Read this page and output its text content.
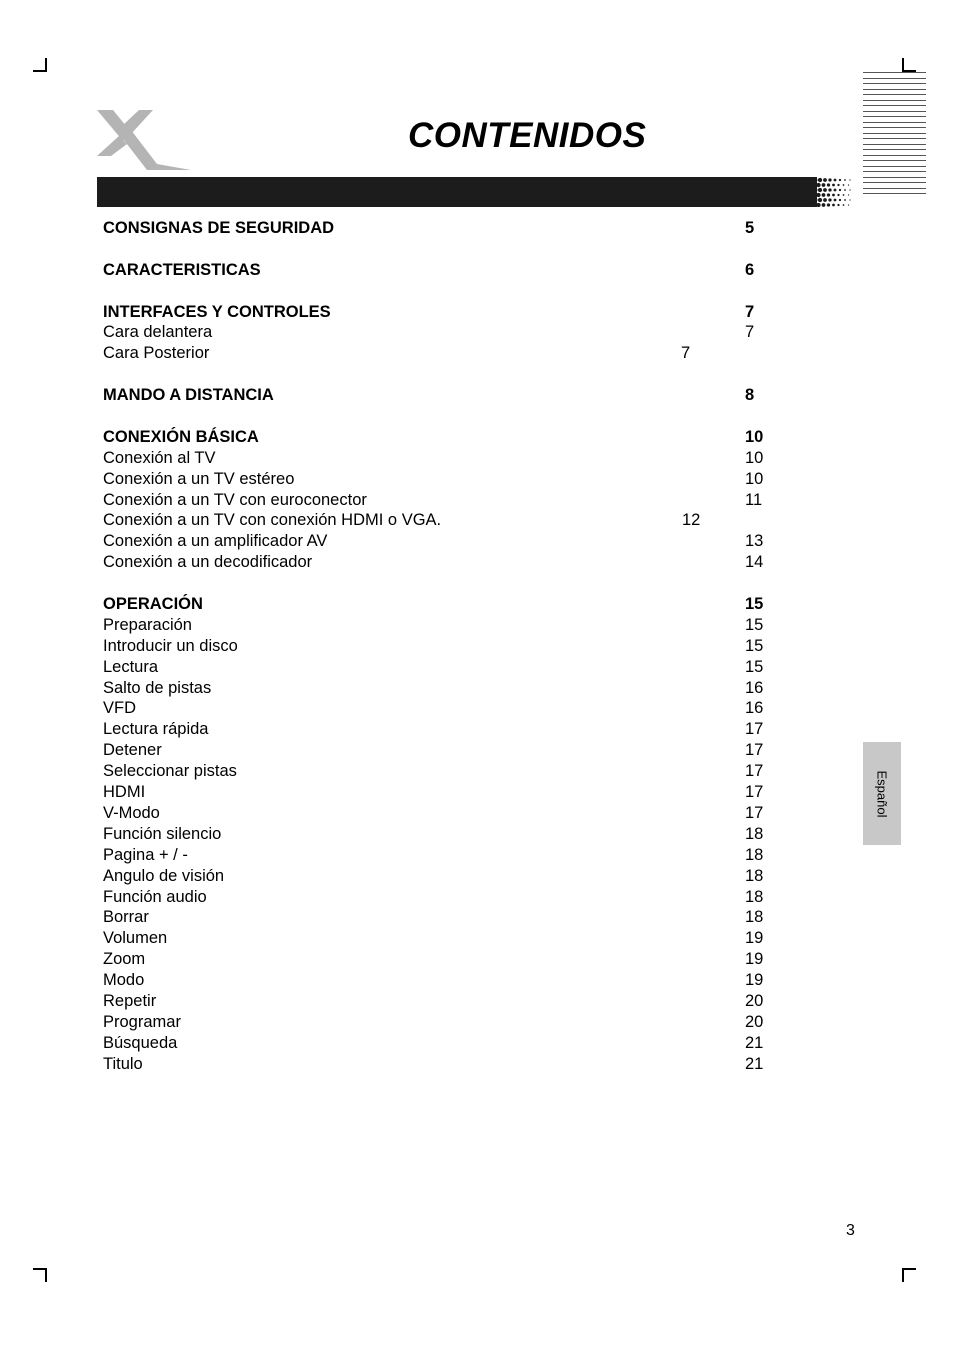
CONTENIDOS
CONSIGNAS DE SEGURIDAD	5
CARACTERISTICAS	6
INTERFACES Y CONTROLES	7
Cara delantera	7
Cara Posterior	7
MANDO A DISTANCIA	8
CONEXIÓN BÁSICA	10
Conexión al TV	10
Conexión a un TV estéreo	10
Conexión a un TV con euroconector	11
Conexión a un TV con conexión HDMI o VGA.	12
Conexión a un amplificador AV	13
Conexión a un decodificador	14
OPERACIÓN	15
Preparación	15
Introducir un disco	15
Lectura	15
Salto de pistas	16
VFD	16
Lectura rápida	17
Detener	17
Seleccionar pistas	17
HDMI	17
V-Modo	17
Función silencio	18
Pagina + / -	18
Angulo de visión	18
Función audio	18
Borrar	18
Volumen	19
Zoom	19
Modo	19
Repetir	20
Programar	20
Búsqueda	21
Titulo	21
Español
3
